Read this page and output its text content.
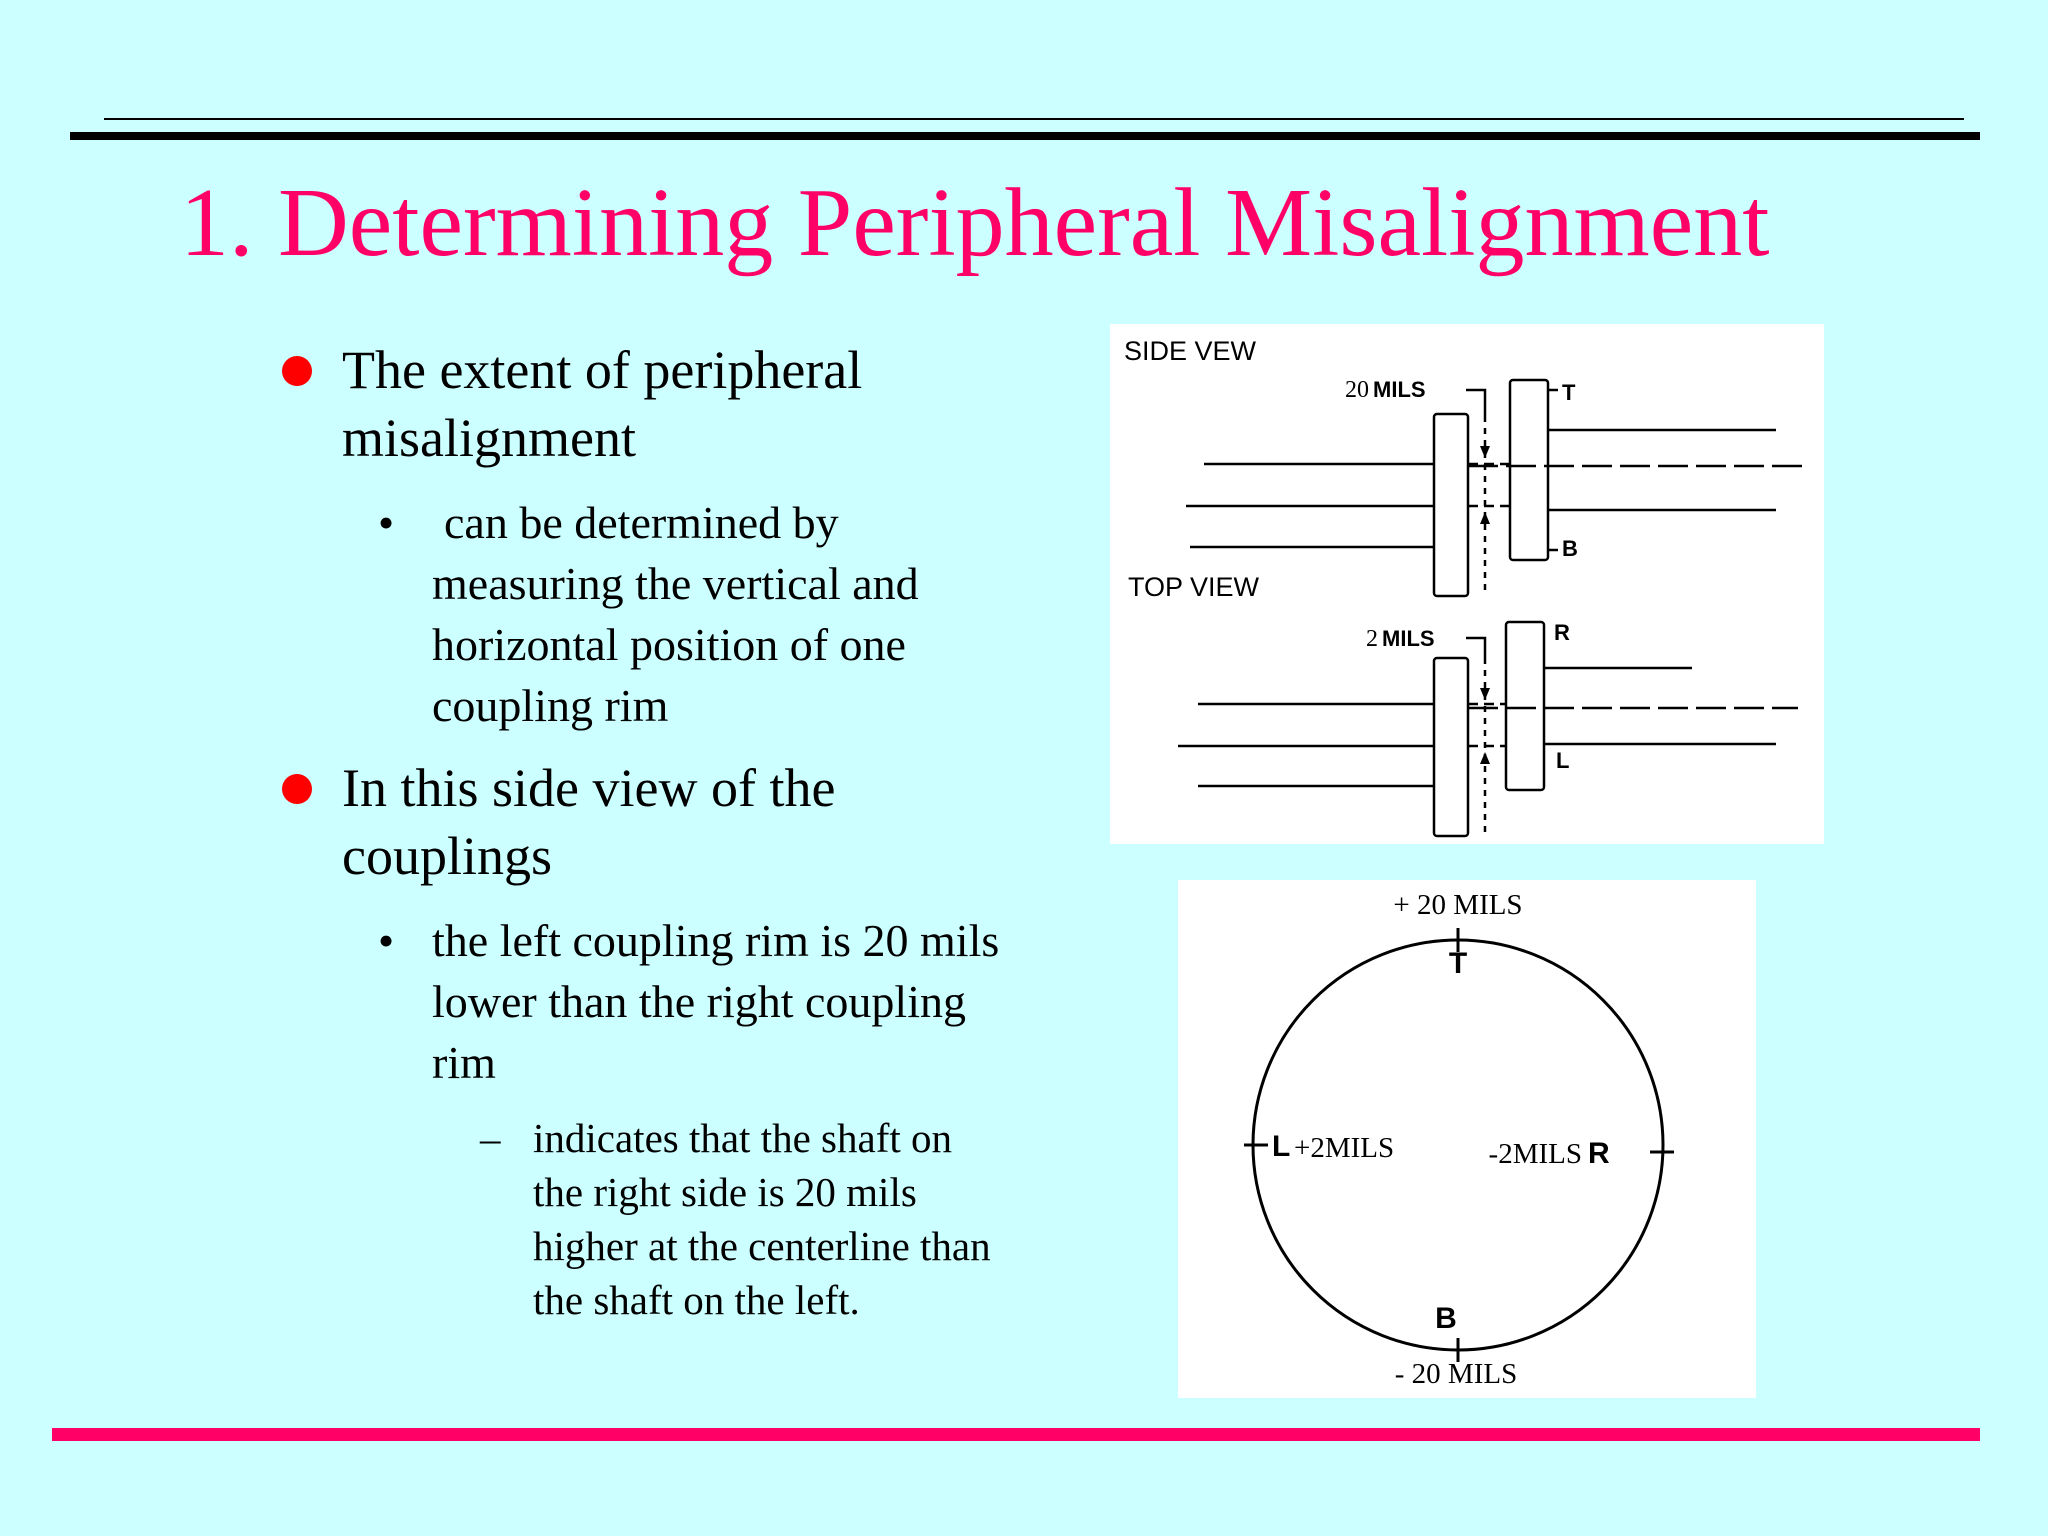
1. Determining Peripheral Misalignment
The extent of peripheral misalignment
• can be determined by measuring the vertical and horizontal position of one coupling rim
In this side view of the couplings
• the left coupling rim is 20 mils lower than the right coupling rim
– indicates that the shaft on the right side is 20 mils higher at the centerline than the shaft on the left.
SIDE VEW
20 MILS	T
B
TOP VIEW
2 MILS	R
L
+ 20 MILS
T
B
- 20 MILS
L +2MILS	-2MILS R
